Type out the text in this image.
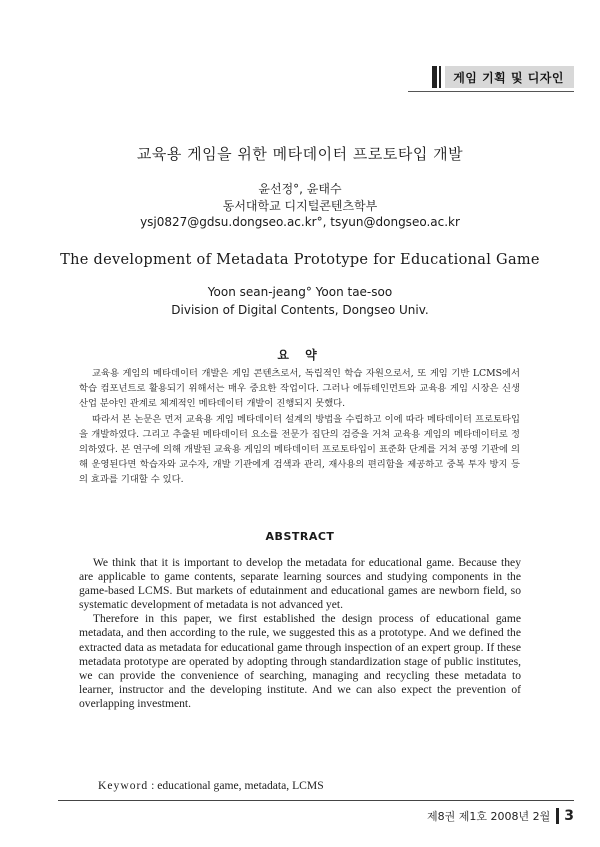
게임 기획 및 디자인
교육용 게임을 위한 메타데이터 프로토타입 개발
윤선정°, 윤태수
동서대학교 디지털콘텐츠학부
ysj0827@gdsu.dongseo.ac.kr°, tsyun@dongseo.ac.kr
The development of Metadata Prototype for Educational Game
Yoon sean-jeang° Yoon tae-soo
Division of Digital Contents, Dongseo Univ.
요 약

교육용 게임의 메타데이터 개발은 게임 콘텐츠로서, 독립적인 학습 자원으로서, 또 게임 기반 LCMS에서 학습 컴포넌트로 활용되기 위해서는 매우 중요한 작업이다. 그러나 에듀테인먼트와 교육용 게임 시장은 신생산업 분야인 관계로 체계적인 메타데이터 개발이 진행되지 못했다.

따라서 본 논문은 먼저 교육용 게임 메타데이터 설계의 방법을 수립하고 이에 따라 메타데이터 프로토타입을 개발하였다. 그리고 추출된 메타데이터 요소를 전문가 집단의 검증을 거쳐 교육용 게임의 메타데이터로 정의하였다. 본 연구에 의해 개발된 교육용 게임의 메타데이터 프로토타입이 표준화 단계를 거쳐 공영 기관에 의해 운영된다면 학습자와 교수자, 개발 기관에게 검색과 관리, 재사용의 편리함을 제공하고 중복 투자 방지 등의 효과를 기대할 수 있다.

ABSTRACT

We think that it is important to develop the metadata for educational game. Because they are applicable to game contents, separate learning sources and studying components in the game-based LCMS. But markets of edutainment and educational games are newborn field, so systematic development of metadata is not advanced yet.

Therefore in this paper, we first established the design process of educational game metadata, and then according to the rule, we suggested this as a prototype. And we defined the extracted data as metadata for educational game through inspection of an expert group. If these metadata prototype are operated by adopting through standardization stage of public institutes, we can provide the convenience of searching, managing and recycling these metadata to learner, instructor and the developing institute. And we can also expect the prevention of overlapping investment.

Keyword : educational game, metadata, LCMS
제8권 제1호 2008년 2월 3
